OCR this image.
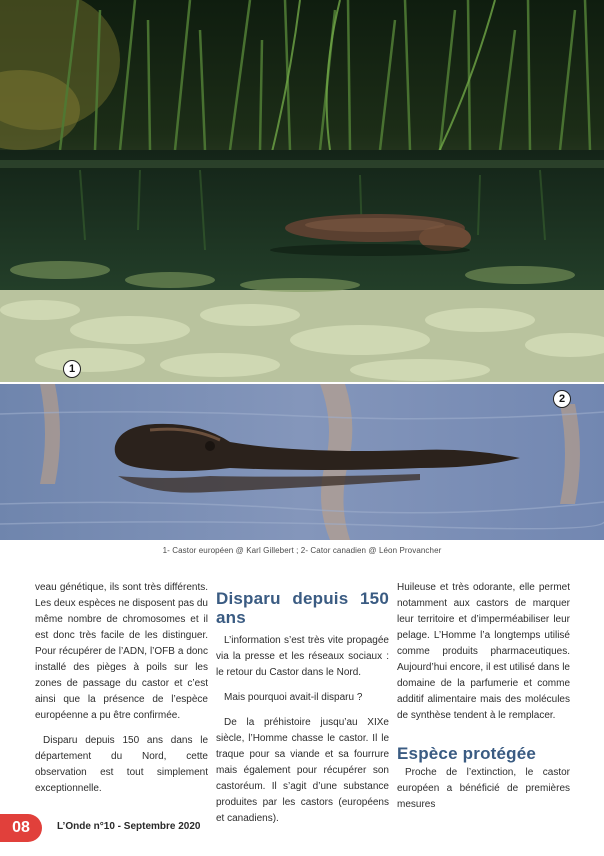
1
2
1- Castor européen @ Karl Gillebert ; 2- Cator canadien @ Léon Provancher

veau génétique, ils sont très différents. Les deux espèces ne disposent pas du même nombre de chromosomes et il est donc très facile de les distinguer. Pour récupérer de l’ADN, l’OFB a donc installé des pièges à poils sur les zones de passage du castor et c’est ainsi que la présence de l’espèce européenne a pu être confirmée.

Disparu depuis 150 ans dans le département du Nord, cette observation est tout simplement exceptionnelle.

Disparu depuis 150 ans

L’information s’est très vite propagée via la presse et les réseaux sociaux : le retour du Castor dans le Nord.

Mais pourquoi avait-il disparu ?

De la préhistoire jusqu’au XIXe siècle, l’Homme chasse le castor. Il le traque pour sa viande et sa fourrure mais également pour récupérer son castoréum. Il s’agit d’une substance produites par les castors (européens et canadiens).

Huileuse et très odorante, elle permet notamment aux castors de marquer leur territoire et d’imperméabiliser leur pelage. L’Homme l’a longtemps utilisé comme produits pharmaceutiques. Aujourd’hui encore, il est utilisé dans le domaine de la parfumerie et comme additif alimentaire mais des molécules de synthèse tendent à le remplacer.

Espèce protégée

Proche de l’extinction, le castor européen a bénéficié de premières mesures

08	L’Onde n°10 - Septembre 2020
